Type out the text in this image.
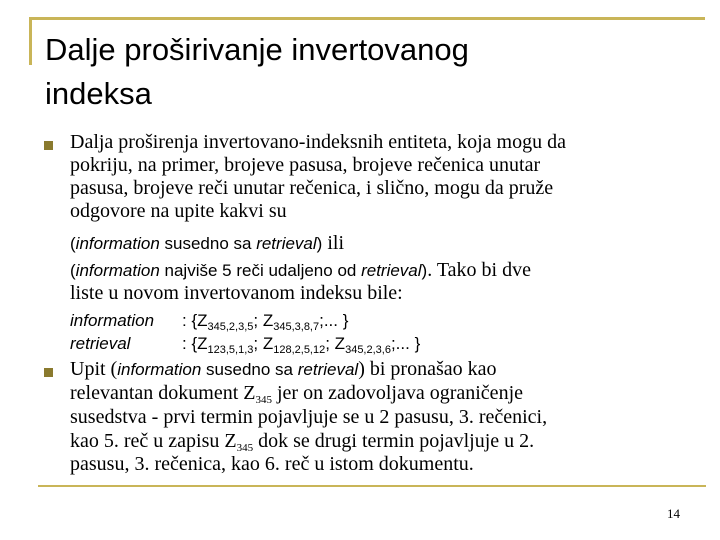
Dalje proširivanje invertovanog
indeksa
Dalja proširenja invertovano-indeksnih entiteta, koja mogu da
pokriju, na primer, brojeve pasusa, brojeve rečenica unutar
pasusa, brojeve reči unutar rečenica, i slično, mogu da pruže
odgovore na upite kakvi su
(information susedno sa retrieval) ili
(information najviše 5 reči udaljeno od retrieval). Tako bi dve
liste u novom invertovanom indeksu bile:
information : {$Z_{345,2,3,5}$; $Z_{345,3,8,7}$;... }
retrieval	: {$Z_{123,5,1,3}$; $Z_{128,2,5,12}$; $Z_{345,2,3,6}$;... }
Upit (information susedno sa retrieval) bi pronašao kao
relevantan dokument $Z_{345}$ jer on zadovoljava ograničenje
susedstva - prvi termin pojavljuje se u 2 pasusu, 3. rečenici,
kao 5. reč u zapisu $Z_{345}$ dok se drugi termin pojavljuje u 2.
pasusu, 3. rečenica, kao 6. reč u istom dokumentu.
14
